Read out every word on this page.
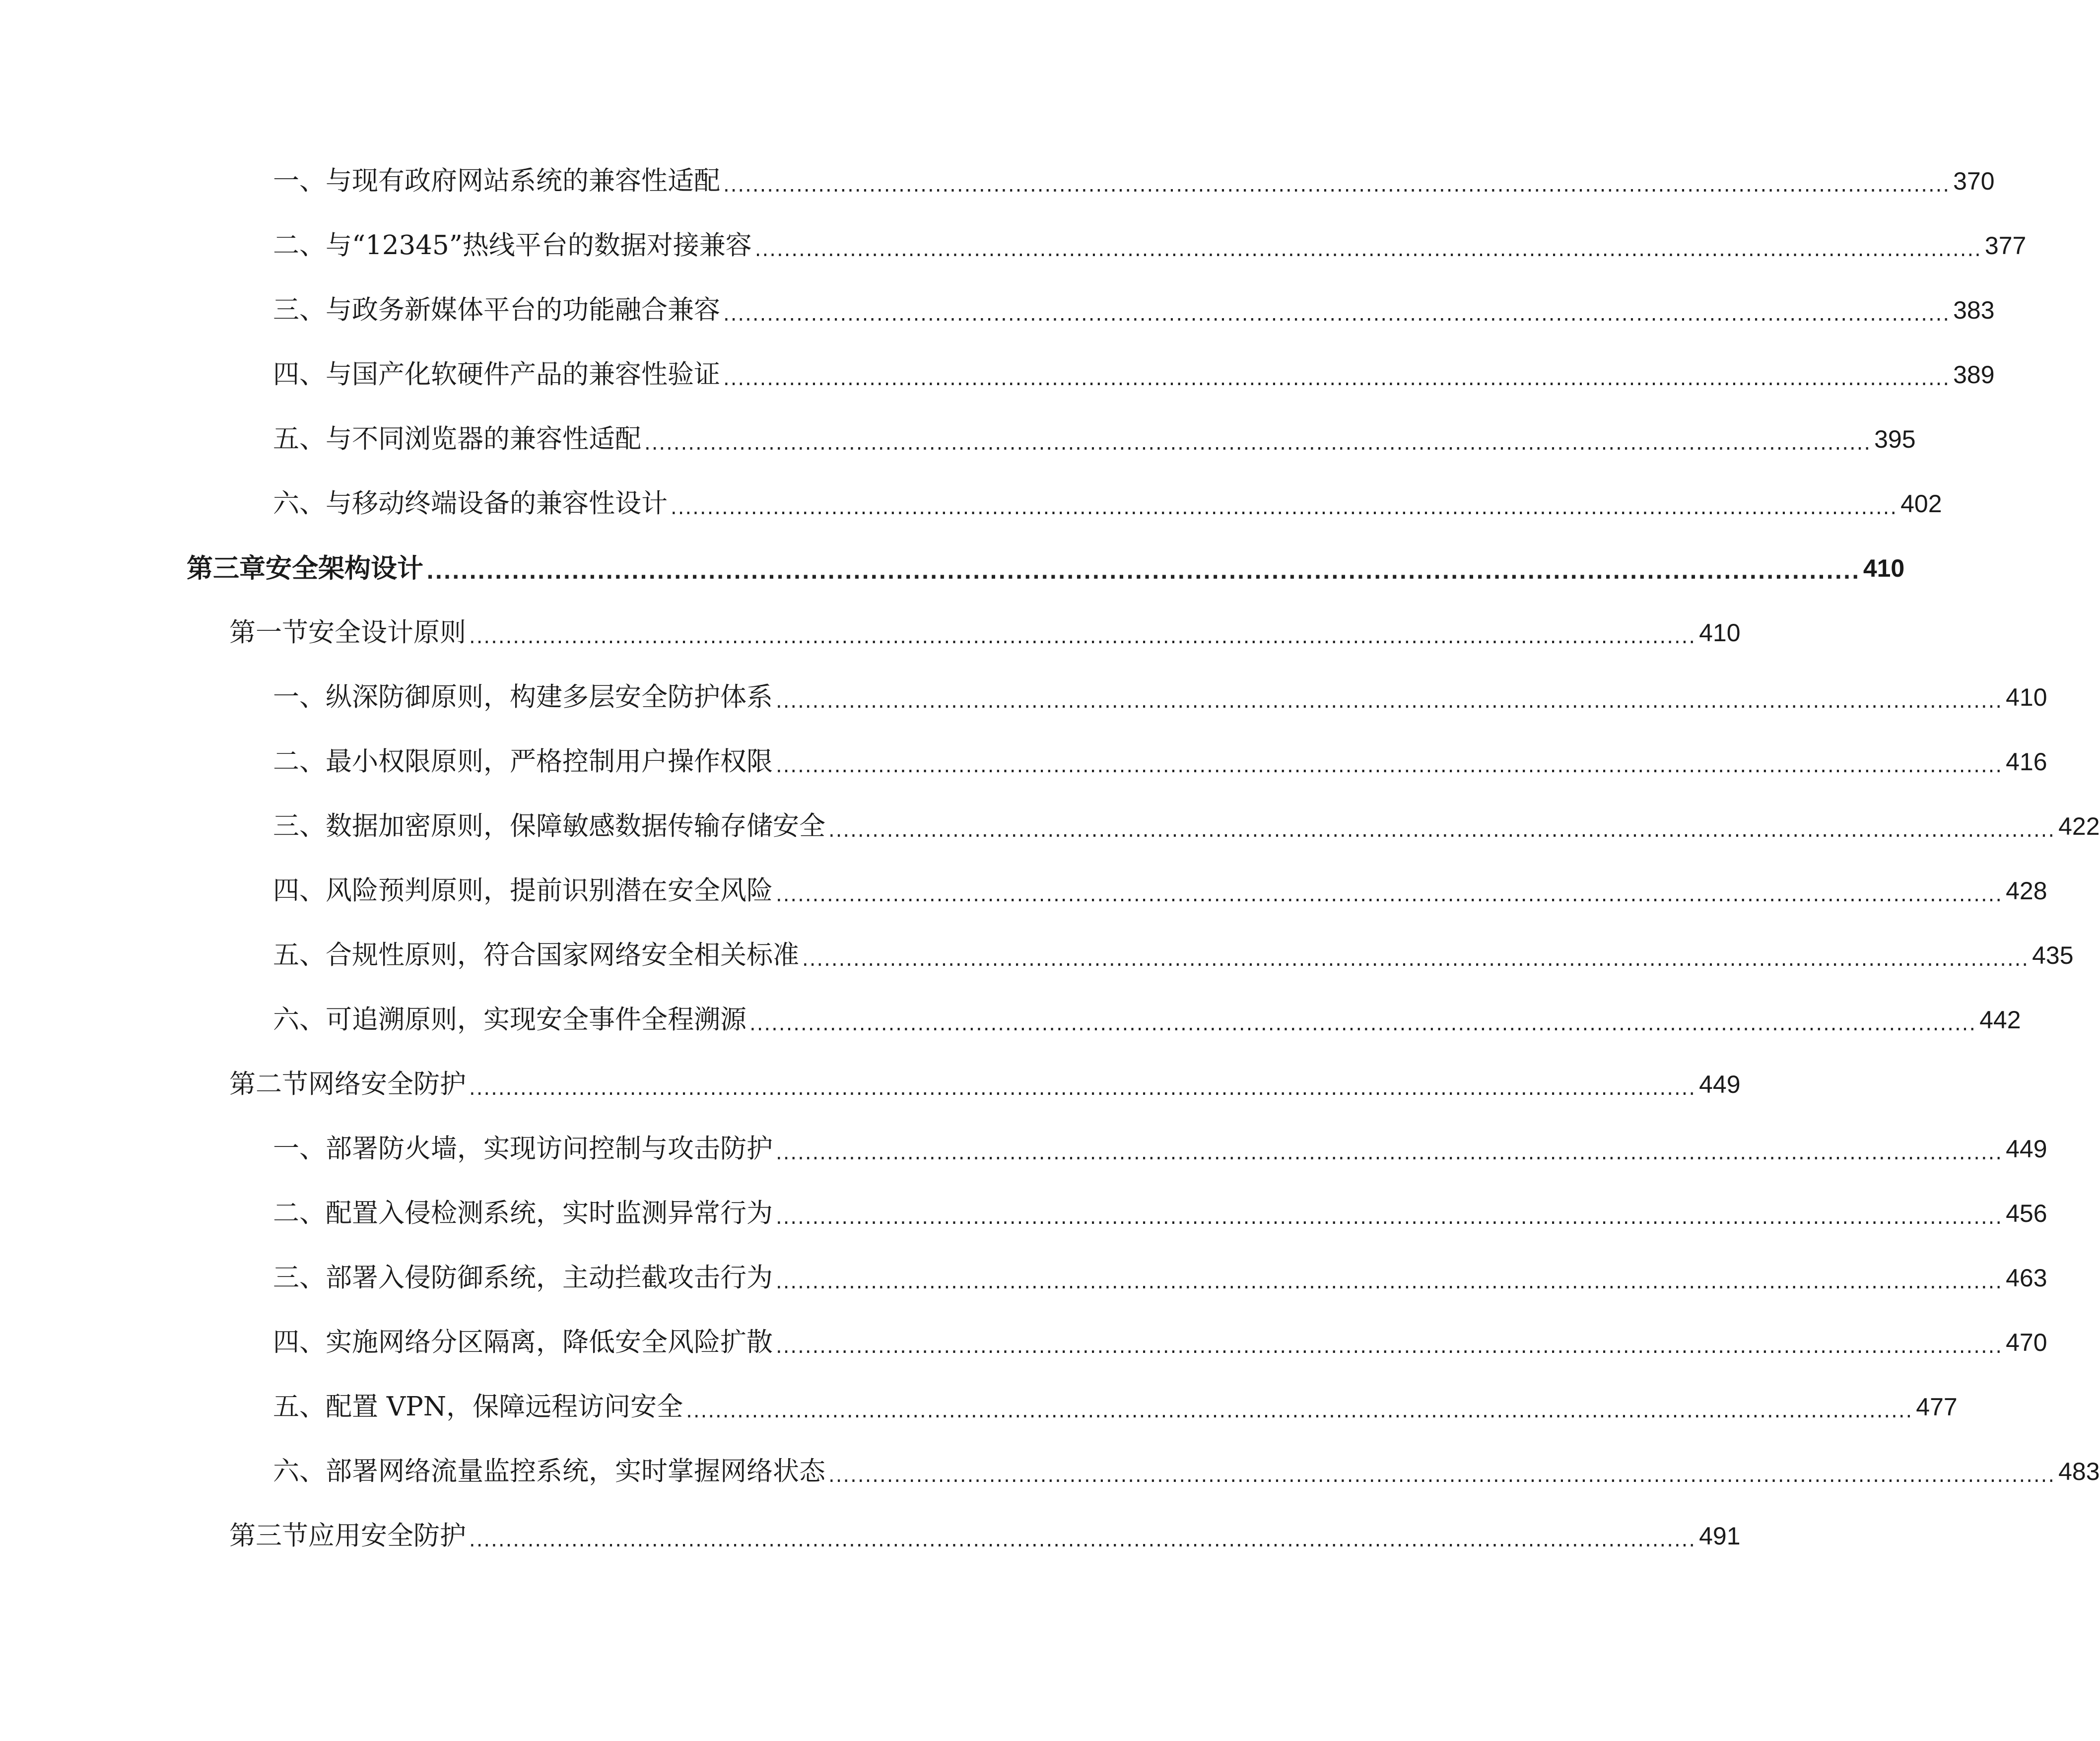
一、与现有政府网站系统的兼容性适配 ........................................................................................................................................................................ 370
二、与“12345”热线平台的数据对接兼容 ........................................................................................................................................................................ 377
三、与政务新媒体平台的功能融合兼容 ........................................................................................................................................................................ 383
四、与国产化软硬件产品的兼容性验证 ........................................................................................................................................................................ 389
五、与不同浏览器的兼容性适配 ........................................................................................................................................................................ 395
六、与移动终端设备的兼容性设计 ........................................................................................................................................................................ 402
第三章安全架构设计 ........................................................................................................................................................................ 410
第一节安全设计原则 ........................................................................................................................................................................ 410
一、纵深防御原则，构建多层安全防护体系 ........................................................................................................................................................................ 410
二、最小权限原则，严格控制用户操作权限 ........................................................................................................................................................................ 416
三、数据加密原则，保障敏感数据传输存储安全 ........................................................................................................................................................................ 422
四、风险预判原则，提前识别潜在安全风险 ........................................................................................................................................................................ 428
五、合规性原则，符合国家网络安全相关标准 ........................................................................................................................................................................ 435
六、可追溯原则，实现安全事件全程溯源 ........................................................................................................................................................................ 442
第二节网络安全防护 ........................................................................................................................................................................ 449
一、部署防火墙，实现访问控制与攻击防护 ........................................................................................................................................................................ 449
二、配置入侵检测系统，实时监测异常行为 ........................................................................................................................................................................ 456
三、部署入侵防御系统，主动拦截攻击行为 ........................................................................................................................................................................ 463
四、实施网络分区隔离，降低安全风险扩散 ........................................................................................................................................................................ 470
五、配置 VPN，保障远程访问安全 ........................................................................................................................................................................ 477
六、部署网络流量监控系统，实时掌握网络状态 ........................................................................................................................................................................ 483
第三节应用安全防护 ........................................................................................................................................................................ 491
